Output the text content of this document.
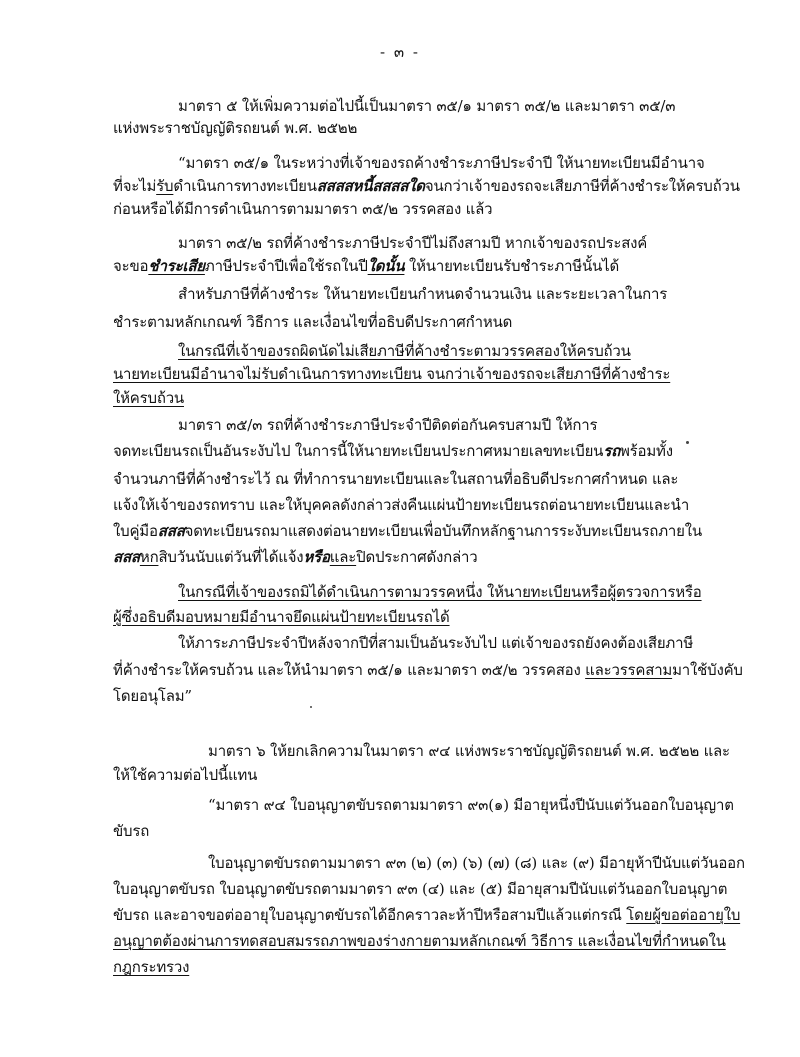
- ๓ -
มาตรา ๕ ให้เพิ่มความต่อไปนี้เป็นมาตรา ๓๕/๑ มาตรา ๓๕/๒ และมาตรา ๓๕/๓
แห่งพระราชบัญญัติรถยนต์ พ.ศ. ๒๕๒๒
“มาตรา ๓๕/๑ ในระหว่างที่เจ้าของรถค้างชำระภาษีประจำปี ให้นายทะเบียนมีอำนาจ
ที่จะไม่รับดำเนินการทางทะเบียนสสสสหนี้สสสสใดจนกว่าเจ้าของรถจะเสียภาษีที่ค้างชำระให้ครบถ้วน
ก่อนหรือได้มีการดำเนินการตามมาตรา ๓๕/๒ วรรคสอง แล้ว
มาตรา ๓๕/๒ รถที่ค้างชำระภาษีประจำปีไม่ถึงสามปี หากเจ้าของรถประสงค์
จะขอชำระเสียภาษีประจำปีเพื่อใช้รถในปีใดนั้น ให้นายทะเบียนรับชำระภาษีนั้นได้
สำหรับภาษีที่ค้างชำระ ให้นายทะเบียนกำหนดจำนวนเงิน และระยะเวลาในการ
ชำระตามหลักเกณฑ์ วิธีการ และเงื่อนไขที่อธิบดีประกาศกำหนด
ในกรณีที่เจ้าของรถผิดนัดไม่เสียภาษีที่ค้างชำระตามวรรคสองให้ครบถ้วน
นายทะเบียนมีอำนาจไม่รับดำเนินการทางทะเบียน จนกว่าเจ้าของรถจะเสียภาษีที่ค้างชำระ
ให้ครบถ้วน
มาตรา ๓๕/๓ รถที่ค้างชำระภาษีประจำปีติดต่อกันครบสามปี ให้การ
จดทะเบียนรถเป็นอันระงับไป ในการนี้ให้นายทะเบียนประกาศหมายเลขทะเบียนรถพร้อมทั้ง
จำนวนภาษีที่ค้างชำระไว้ ณ ที่ทำการนายทะเบียนและในสถานที่อธิบดีประกาศกำหนด และ
แจ้งให้เจ้าของรถทราบ และให้บุคคลดังกล่าวส่งคืนแผ่นป้ายทะเบียนรถต่อนายทะเบียนและนำ
ใบคู่มือสสสจดทะเบียนรถมาแสดงต่อนายทะเบียนเพื่อบันทึกหลักฐานการระงับทะเบียนรถภายใน
สสสหกสิบวันนับแต่วันที่ได้แจ้งหรือและปิดประกาศดังกล่าว
ในกรณีที่เจ้าของรถมิได้ดำเนินการตามวรรคหนึ่ง ให้นายทะเบียนหรือผู้ตรวจการหรือ
ผู้ซึ่งอธิบดีมอบหมายมีอำนาจยึดแผ่นป้ายทะเบียนรถได้
ให้ภาระภาษีประจำปีหลังจากปีที่สามเป็นอันระงับไป แต่เจ้าของรถยังคงต้องเสียภาษี
ที่ค้างชำระให้ครบถ้วน และให้นำมาตรา ๓๕/๑ และมาตรา ๓๕/๒ วรรคสอง และวรรคสามมาใช้บังคับ
โดยอนุโลม”
มาตรา ๖ ให้ยกเลิกความในมาตรา ๙๔ แห่งพระราชบัญญัติรถยนต์ พ.ศ. ๒๕๒๒ และ
ให้ใช้ความต่อไปนี้แทน
“มาตรา ๙๔ ใบอนุญาตขับรถตามมาตรา ๙๓(๑) มีอายุหนึ่งปีนับแต่วันออกใบอนุญาต
ขับรถ
ใบอนุญาตขับรถตามมาตรา ๙๓ (๒) (๓) (๖) (๗) (๘) และ (๙) มีอายุห้าปีนับแต่วันออก
ใบอนุญาตขับรถ ใบอนุญาตขับรถตามมาตรา ๙๓ (๔) และ (๕) มีอายุสามปีนับแต่วันออกใบอนุญาต
ขับรถ และอาจขอต่ออายุใบอนุญาตขับรถได้อีกคราวละห้าปีหรือสามปีแล้วแต่กรณี โดยผู้ขอต่ออายุใบ
อนุญาตต้องผ่านการทดสอบสมรรถภาพของร่างกายตามหลักเกณฑ์ วิธีการ และเงื่อนไขที่กำหนดใน
กฎกระทรวง
